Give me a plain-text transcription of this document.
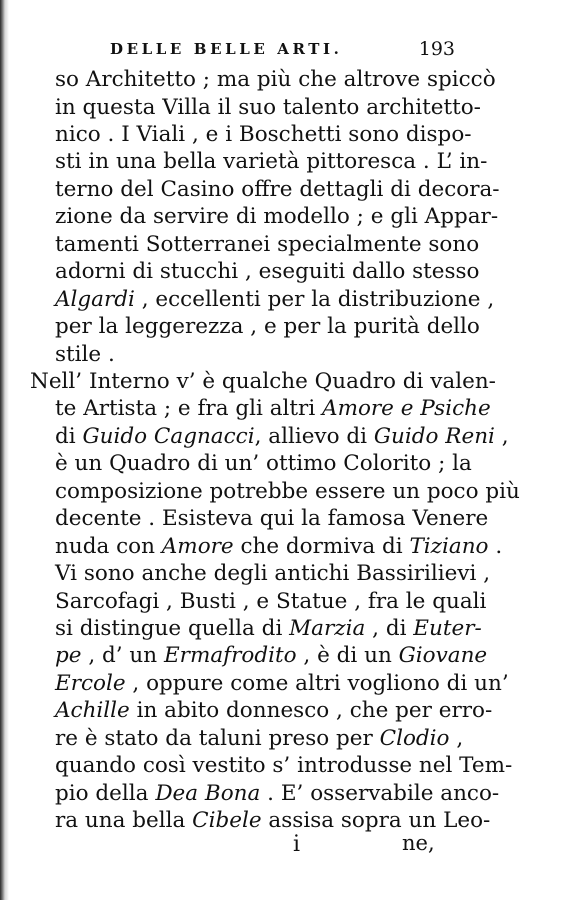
DELLE BELLE ARTI.	193
so Architetto ; ma più che altrove spiccò
in questa Villa il suo talento architetto-
nico . I Viali , e i Boschetti sono dispo-
sti in una bella varietà pittoresca . L’ in-
terno del Casino offre dettagli di decora-
zione da servire di modello ; e gli Appar-
tamenti Sotterranei specialmente sono
adorni di stucchi , eseguiti dallo stesso
Algardi , eccellenti per la distribuzione ,
per la leggerezza , e per la purità dello
stile .
Nell’ Interno v’ è qualche Quadro di valen-
te Artista ; e fra gli altri Amore e Psiche
di Guido Cagnacci, allievo di Guido Reni ,
è un Quadro di un’ ottimo Colorito ; la
composizione potrebbe essere un poco più
decente . Esisteva qui la famosa Venere
nuda con Amore che dormiva di Tiziano .
Vi sono anche degli antichi Bassirilievi ,
Sarcofagi , Busti , e Statue , fra le quali
si distingue quella di Marzia , di Euter-
pe , d’ un Ermafrodito , è di un Giovane
Ercole , oppure come altri vogliono di un’
Achille in abito donnesco , che per erro-
re è stato da taluni preso per Clodio ,
quando così vestito s’ introdusse nel Tem-
pio della Dea Bona . E’ osservabile anco-
ra una bella Cibele assisa sopra un Leo-
i	ne,
